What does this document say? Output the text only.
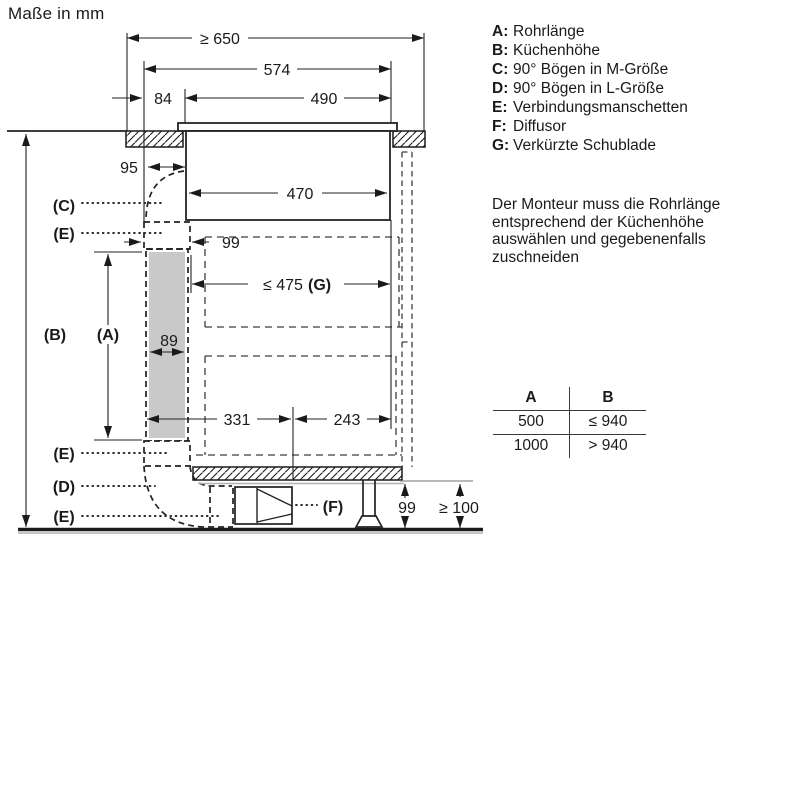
≥ 650
574
84	490
470
95
99
89
(B) (A)
(C)
(E)
(E)
(D)
(E)
≤ 475 (G)
331	243
(F)	99 ≥ 100
Maße in mm
A: Rohrlänge
B: Küchenhöhe
C: 90° Bögen in M-Größe
D: 90° Bögen in L-Größe
E: Verbindungsmanschetten
F: Diffusor
G: Verkürzte Schublade
Der Monteur muss die Rohrlänge
entsprechend der Küchenhöhe
auswählen und gegebenenfalls
zuschneiden
A	B
500	≤ 940
1000	> 940
